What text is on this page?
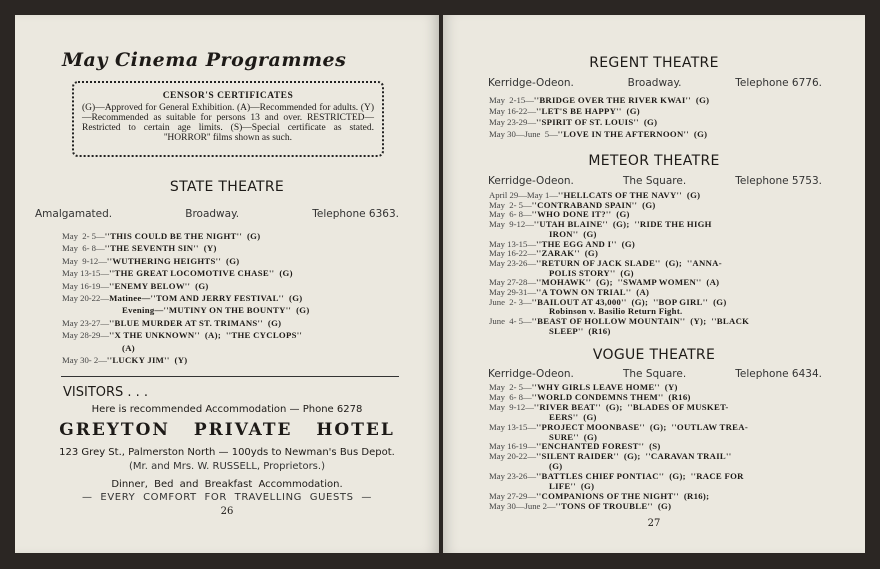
May Cinema Programmes
CENSOR'S CERTIFICATES
(G)—Approved for General Exhibition. (A)—Recommended for adults. (Y)—Recommended as suitable for persons 13 and over. RESTRICTED—Restricted to certain age limits. (S)—Special certificate as stated. ''HORROR'' films shown as such.
STATE THEATRE
Amalgamated.	Broadway.	Telephone 6363.
May  2- 5— ''THIS COULD BE THE NIGHT''  (G)
May  6- 8— ''THE SEVENTH SIN''  (Y)
May  9-12— ''WUTHERING HEIGHTS''  (G)
May 13-15— ''THE GREAT LOCOMOTIVE CHASE''  (G)
May 16-19— ''ENEMY BELOW''  (G)
May 20-22— Matinee—''TOM AND JERRY FESTIVAL''  (G)
Evening—''MUTINY ON THE BOUNTY''  (G)
May 23-27— ''BLUE MURDER AT ST. TRIMANS''  (G)
May 28-29— ''X THE UNKNOWN''  (A);  ''THE CYCLOPS''
(A)
May 30- 2— ''LUCKY JIM''  (Y)
VISITORS . . .
Here is recommended Accommodation — Phone 6278
GREYTON PRIVATE HOTEL
123 Grey St., Palmerston North — 100yds to Newman's Bus Depot.
(Mr. and Mrs. W. RUSSELL, Proprietors.)
Dinner, Bed and Breakfast Accommodation.
— EVERY COMFORT FOR TRAVELLING GUESTS —
26
REGENT THEATRE
Kerridge-Odeon.	Broadway.	Telephone 6776.
May  2-15— ''BRIDGE OVER THE RIVER KWAI''  (G)
May 16-22— ''LET'S BE HAPPY''  (G)
May 23-29— ''SPIRIT OF ST. LOUIS''  (G)
May 30—June  5— ''LOVE IN THE AFTERNOON''  (G)
METEOR THEATRE
Kerridge-Odeon.	The Square.	Telephone 5753.
April 29—May 1— ''HELLCATS OF THE NAVY''  (G)
May  2- 5— ''CONTRABAND SPAIN''  (G)
May  6- 8— ''WHO DONE IT?''  (G)
May  9-12— ''UTAH BLAINE''  (G);  ''RIDE THE HIGH
IRON''  (G)
May 13-15— ''THE EGG AND I''  (G)
May 16-22— ''ZARAK''  (G)
May 23-26— ''RETURN OF JACK SLADE''  (G);  ''ANNA-
POLIS STORY''  (G)
May 27-28— ''MOHAWK''  (G);  ''SWAMP WOMEN''  (A)
May 29-31— ''A TOWN ON TRIAL''  (A)
June  2- 3— ''BAILOUT AT 43,000''  (G);  ''BOP GIRL''  (G)
Robinson v. Basilio Return Fight.
June  4- 5— ''BEAST OF HOLLOW MOUNTAIN''  (Y);  ''BLACK
SLEEP''  (R16)
VOGUE THEATRE
Kerridge-Odeon.	The Square.	Telephone 6434.
May  2- 5— ''WHY GIRLS LEAVE HOME''  (Y)
May  6- 8— ''WORLD CONDEMNS THEM''  (R16)
May  9-12— ''RIVER BEAT''  (G);  ''BLADES OF MUSKET-
EERS''  (G)
May 13-15— ''PROJECT MOONBASE''  (G);  ''OUTLAW TREA-
SURE''  (G)
May 16-19— ''ENCHANTED FOREST''  (S)
May 20-22— ''SILENT RAIDER''  (G);  ''CARAVAN TRAIL''
(G)
May 23-26— ''BATTLES CHIEF PONTIAC''  (G);  ''RACE FOR
LIFE''  (G)
May 27-29— ''COMPANIONS OF THE NIGHT''  (R16);
May 30—June 2— ''TONS OF TROUBLE''  (G)
27
